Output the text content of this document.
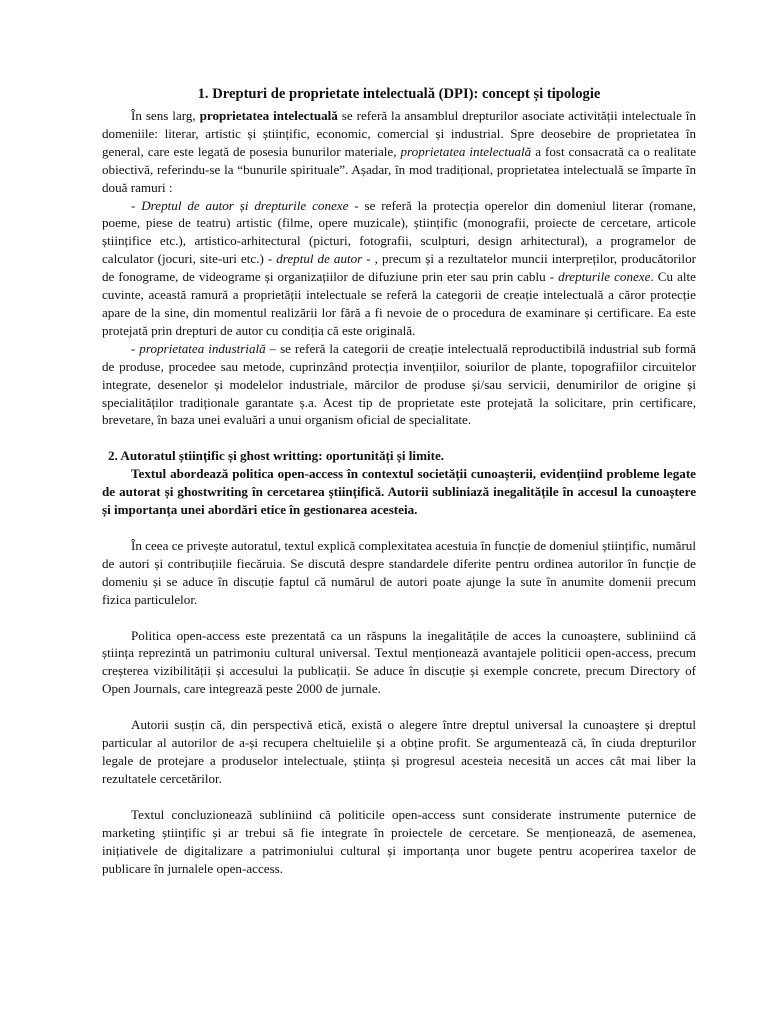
1. Drepturi de proprietate intelectuală (DPI): concept și tipologie

În sens larg, proprietatea intelectuală se referă la ansamblul drepturilor asociate activității intelectuale în domeniile: literar, artistic și științific, economic, comercial și industrial. Spre deosebire de proprietatea în general, care este legată de posesia bunurilor materiale, proprietatea intelectuală a fost consacrată ca o realitate obiectivă, referindu-se la “bunurile spirituale”. Așadar, în mod tradițional, proprietatea intelectuală se împarte în două ramuri :

- Dreptul de autor și drepturile conexe - se referă la protecția operelor din domeniul literar (romane, poeme, piese de teatru) artistic (filme, opere muzicale), științific (monografii, proiecte de cercetare, articole științifice etc.), artistico-arhitectural (picturi, fotografii, sculpturi, design arhitectural), a programelor de calculator (jocuri, site-uri etc.) - dreptul de autor - , precum și a rezultatelor muncii interpreților, producătorilor de fonograme, de videograme și organizațiilor de difuziune prin eter sau prin cablu - drepturile conexe. Cu alte cuvinte, această ramură a proprietății intelectuale se referă la categorii de creație intelectuală a căror protecție apare de la sine, din momentul realizării lor fără a fi nevoie de o procedura de examinare și certificare. Ea este protejată prin drepturi de autor cu condiția că este originală.

- proprietatea industrială – se referă la categorii de creație intelectuală reproductibilă industrial sub formă de produse, procedee sau metode, cuprinzând protecția invențiilor, soiurilor de plante, topografiilor circuitelor integrate, desenelor și modelelor industriale, mărcilor de produse și/sau servicii, denumirilor de origine și specialităților tradiționale garantate ș.a. Acest tip de proprietate este protejată la solicitare, prin certificare, brevetare, în baza unei evaluări a unui organism oficial de specialitate.

2. Autoratul științific și ghost writting: oportunități și limite.

Textul abordează politica open-access în contextul societății cunoașterii, evidențiind probleme legate de autorat și ghostwriting în cercetarea științifică. Autorii subliniază inegalitățile în accesul la cunoaștere și importanța unei abordări etice în gestionarea acesteia.

În ceea ce privește autoratul, textul explică complexitatea acestuia în funcție de domeniul științific, numărul de autori și contribuțiile fiecăruia. Se discută despre standardele diferite pentru ordinea autorilor în funcție de domeniu și se aduce în discuție faptul că numărul de autori poate ajunge la sute în anumite domenii precum fizica particulelor.

Politica open-access este prezentată ca un răspuns la inegalitățile de acces la cunoaștere, subliniind că știința reprezintă un patrimoniu cultural universal. Textul menționează avantajele politicii open-access, precum creșterea vizibilității și accesului la publicații. Se aduce în discuție și exemple concrete, precum Directory of Open Journals, care integrează peste 2000 de jurnale.

Autorii susțin că, din perspectivă etică, există o alegere între dreptul universal la cunoaștere și dreptul particular al autorilor de a-și recupera cheltuielile și a obține profit. Se argumentează că, în ciuda drepturilor legale de protejare a produselor intelectuale, știința și progresul acesteia necesită un acces cât mai liber la rezultatele cercetărilor.

Textul concluzionează subliniind că politicile open-access sunt considerate instrumente puternice de marketing științific și ar trebui să fie integrate în proiectele de cercetare. Se menționează, de asemenea, inițiativele de digitalizare a patrimoniului cultural și importanța unor bugete pentru acoperirea taxelor de publicare în jurnalele open-access.
